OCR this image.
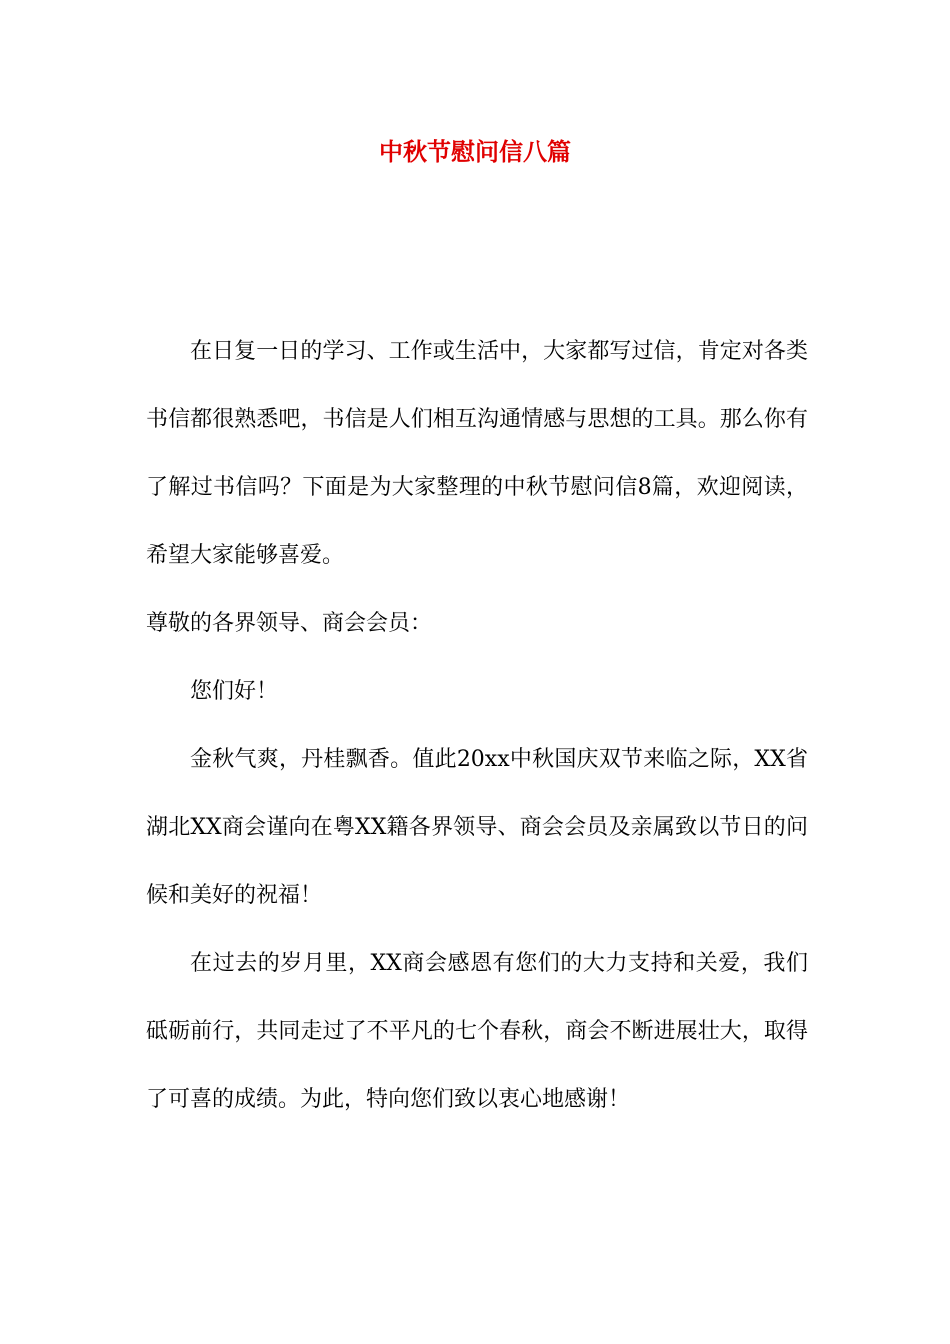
中秋节慰问信八篇

在日复一日的学习、工作或生活中，大家都写过信，肯定对各类书信都很熟悉吧，书信是人们相互沟通情感与思想的工具。那么你有了解过书信吗？下面是为大家整理的中秋节慰问信8篇，欢迎阅读，希望大家能够喜爱。

尊敬的各界领导、商会会员：

您们好！

金秋气爽，丹桂飘香。值此20xx中秋国庆双节来临之际，XX省湖北XX商会谨向在粤XX籍各界领导、商会会员及亲属致以节日的问候和美好的祝福！

在过去的岁月里，XX商会感恩有您们的大力支持和关爱，我们砥砺前行，共同走过了不平凡的七个春秋，商会不断进展壮大，取得了可喜的成绩。为此，特向您们致以衷心地感谢！
